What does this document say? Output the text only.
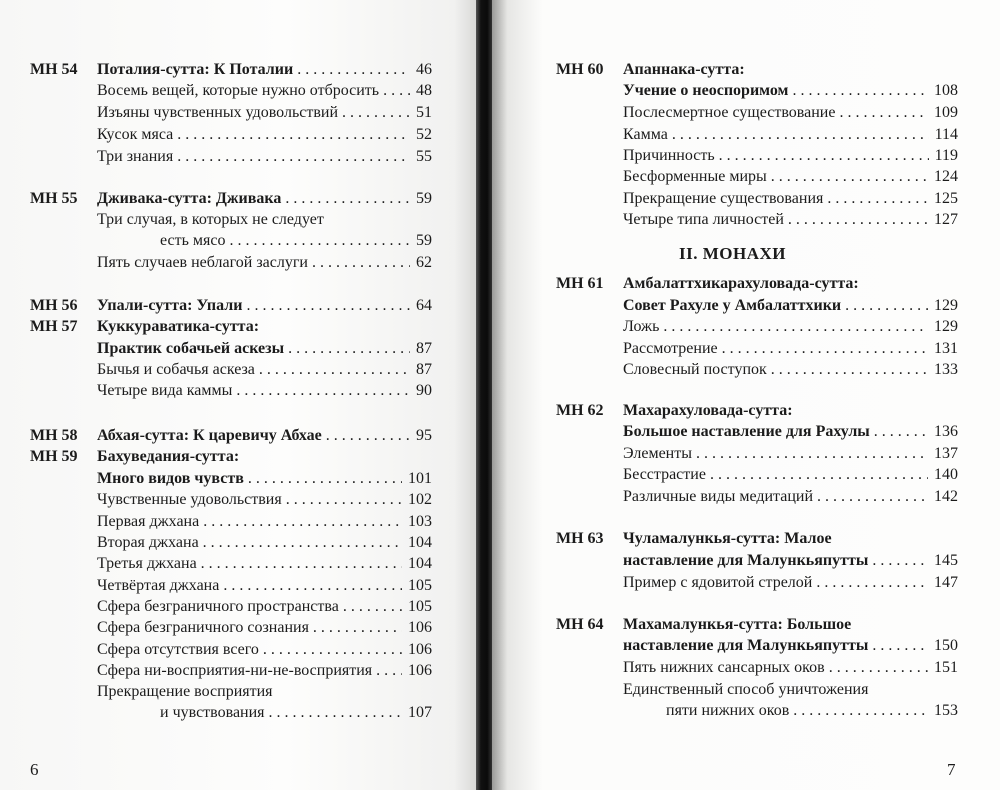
6
МН 54 Поталия-сутта: К Поталии . . .	46
Восемь вещей, которые нужно отбросить . . . 48
Изъяны чувственных удовольствий . . .	51
Кусок мяса . . .	52
Три знания . . .	55
МН 55 Дживака-сутта: Дживака . . .	59
Три случая, в которых не следует
есть мясо . . .	59
Пять случаев неблагой заслуги . . .	62
МН 56 Упали-сутта: Упали . . .	64
МН 57 Куккураватика-сутта:
Практик собачьей аскезы . . .	87
Бычья и собачья аскеза . . .	87
Четыре вида каммы . . .	90
МН 58 Абхая-сутта: К царевичу Абхае . . .	95
МН 59 Бахуведания-сутта:
Много видов чувств . . .	101
Чувственные удовольствия . . .	102
Первая джхана . . .	103
Вторая джхана . . .	104
Третья джхана . . .	104
Четвёртая джхана . . .	105
Сфера безграничного пространства . . .	105
Сфера безграничного сознания . . .	106
Сфера отсутствия всего . . .	106
Сфера ни-восприятия-ни-не-восприятия . . . 106
Прекращение восприятия
и чувствования . . .	107
II. МОНАХИ
7
МН 60 Апаннака-сутта:
Учение о неоспоримом . . .	108
Послесмертное существование . . .	109
Камма . . .	114
Причинность . . .	119
Бесформенные миры . . .	124
Прекращение существования . . .	125
Четыре типа личностей . . .	127
МН 61 Амбалаттхикарахуловада-сутта:
Совет Рахуле у Амбалаттхики . . .	129
Ложь . . .	129
Рассмотрение . . .	131
Словесный поступок . . .	133
МН 62 Махарахуловада-сутта:
Большое наставление для Рахулы . . .	136
Элементы . . .	137
Бесстрастие . . .	140
Различные виды медитаций . . .	142
МН 63 Чуламалункья-сутта: Малое
наставление для Малункьяпутты . . .	145
Пример с ядовитой стрелой . . .	147
МН 64 Махамалункья-сутта: Большое
наставление для Малункьяпутты . . .	150
Пять нижних сансарных оков . . .	151
Единственный способ уничтожения
пяти нижних оков . . .	153
